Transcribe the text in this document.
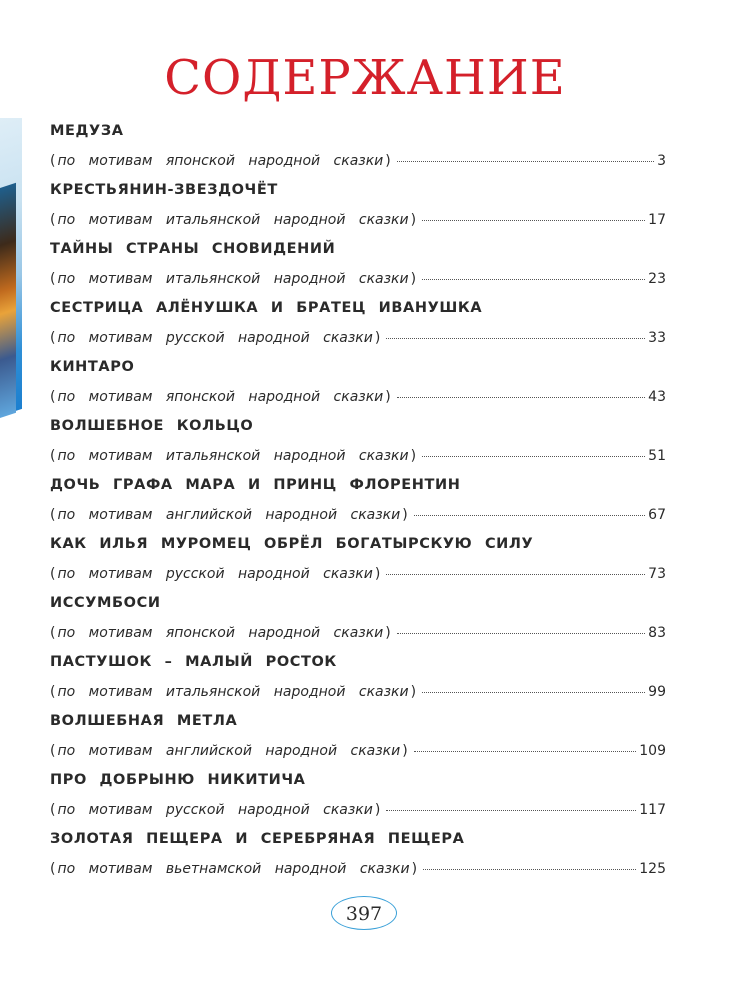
СОДЕРЖАНИЕ
МЕДУЗА
( по мотивам японской народной сказки )	3
КРЕСТЬЯНИН-ЗВЕЗДОЧЁТ
( по мотивам итальянской народной сказки )	17
ТАЙНЫ СТРАНЫ СНОВИДЕНИЙ
( по мотивам итальянской народной сказки )	23
СЕСТРИЦА АЛЁНУШКА И БРАТЕЦ ИВАНУШКА
( по мотивам русской народной сказки )	33
КИНТАРО
( по мотивам японской народной сказки )	43
ВОЛШЕБНОЕ КОЛЬЦО
( по мотивам итальянской народной сказки )	51
ДОЧЬ ГРАФА МАРА И ПРИНЦ ФЛОРЕНТИН
( по мотивам английской народной сказки )	67
КАК ИЛЬЯ МУРОМЕЦ ОБРЁЛ БОГАТЫРСКУЮ СИЛУ
( по мотивам русской народной сказки )	73
ИССУМБОСИ
( по мотивам японской народной сказки )	83
ПАСТУШОК – МАЛЫЙ РОСТОК
( по мотивам итальянской народной сказки )	99
ВОЛШЕБНАЯ МЕТЛА
( по мотивам английской народной сказки )	109
ПРО ДОБРЫНЮ НИКИТИЧА
( по мотивам русской народной сказки )	117
ЗОЛОТАЯ ПЕЩЕРА И СЕРЕБРЯНАЯ ПЕЩЕРА
( по мотивам вьетнамской народной сказки )	125
397
